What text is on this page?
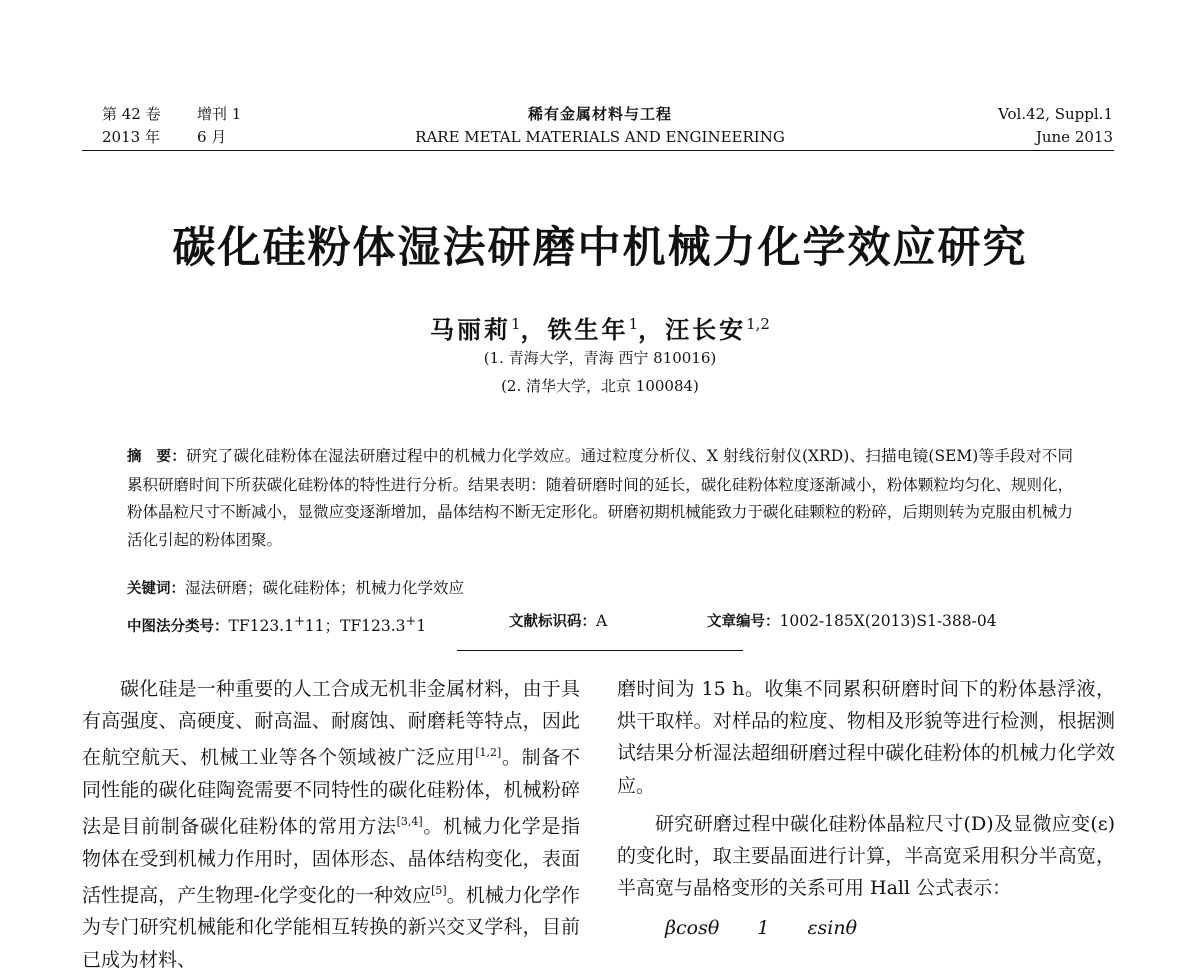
第 42 卷 增刊 1
2013 年 6 月
稀有金属材料与工程
RARE METAL MATERIALS AND ENGINEERING
Vol.42, Suppl.1
June 2013
碳化硅粉体湿法研磨中机械力化学效应研究
马丽莉$^1$，铁生年$^1$，汪长安$^{1,2}$
(1. 青海大学，青海 西宁 810016)
(2. 清华大学，北京 100084)
摘　要：研究了碳化硅粉体在湿法研磨过程中的机械力化学效应。通过粒度分析仪、X 射线衍射仪(XRD)、扫描电镜(SEM)等手段对不同累积研磨时间下所获碳化硅粉体的特性进行分析。结果表明：随着研磨时间的延长，碳化硅粉体粒度逐渐减小，粉体颗粒均匀化、规则化，粉体晶粒尺寸不断减小，显微应变逐渐增加，晶体结构不断无定形化。研磨初期机械能致力于碳化硅颗粒的粉碎，后期则转为克服由机械力活化引起的粉体团聚。
关键词：湿法研磨；碳化硅粉体；机械力化学效应
中图法分类号：TF123.1+11；TF123.3+1	文献标识码：A	文章编号：1002-185X(2013)S1-388-04

碳化硅是一种重要的人工合成无机非金属材料，由于具有高强度、高硬度、耐高温、耐腐蚀、耐磨耗等特点，因此在航空航天、机械工业等各个领域被广泛应用[1,2]。制备不同性能的碳化硅陶瓷需要不同特性的碳化硅粉体，机械粉碎法是目前制备碳化硅粉体的常用方法[3,4]。机械力化学是指物体在受到机械力作用时，固体形态、晶体结构变化，表面活性提高，产生物理-化学变化的一种效应[5]。机械力化学作为专门研究机械能和化学能相互转换的新兴交叉学科，目前已成为材料、

磨时间为 15 h。收集不同累积研磨时间下的粉体悬浮液，烘干取样。对样品的粒度、物相及形貌等进行检测，根据测试结果分析湿法超细研磨过程中碳化硅粉体的机械力化学效应。

研究研磨过程中碳化硅粉体晶粒尺寸(D)及显微应变(ε)的变化时，取主要晶面进行计算，半高宽采用积分半高宽，半高宽与晶格变形的关系可用 Hall 公式表示：

βcosθ　　1　　εsinθ
